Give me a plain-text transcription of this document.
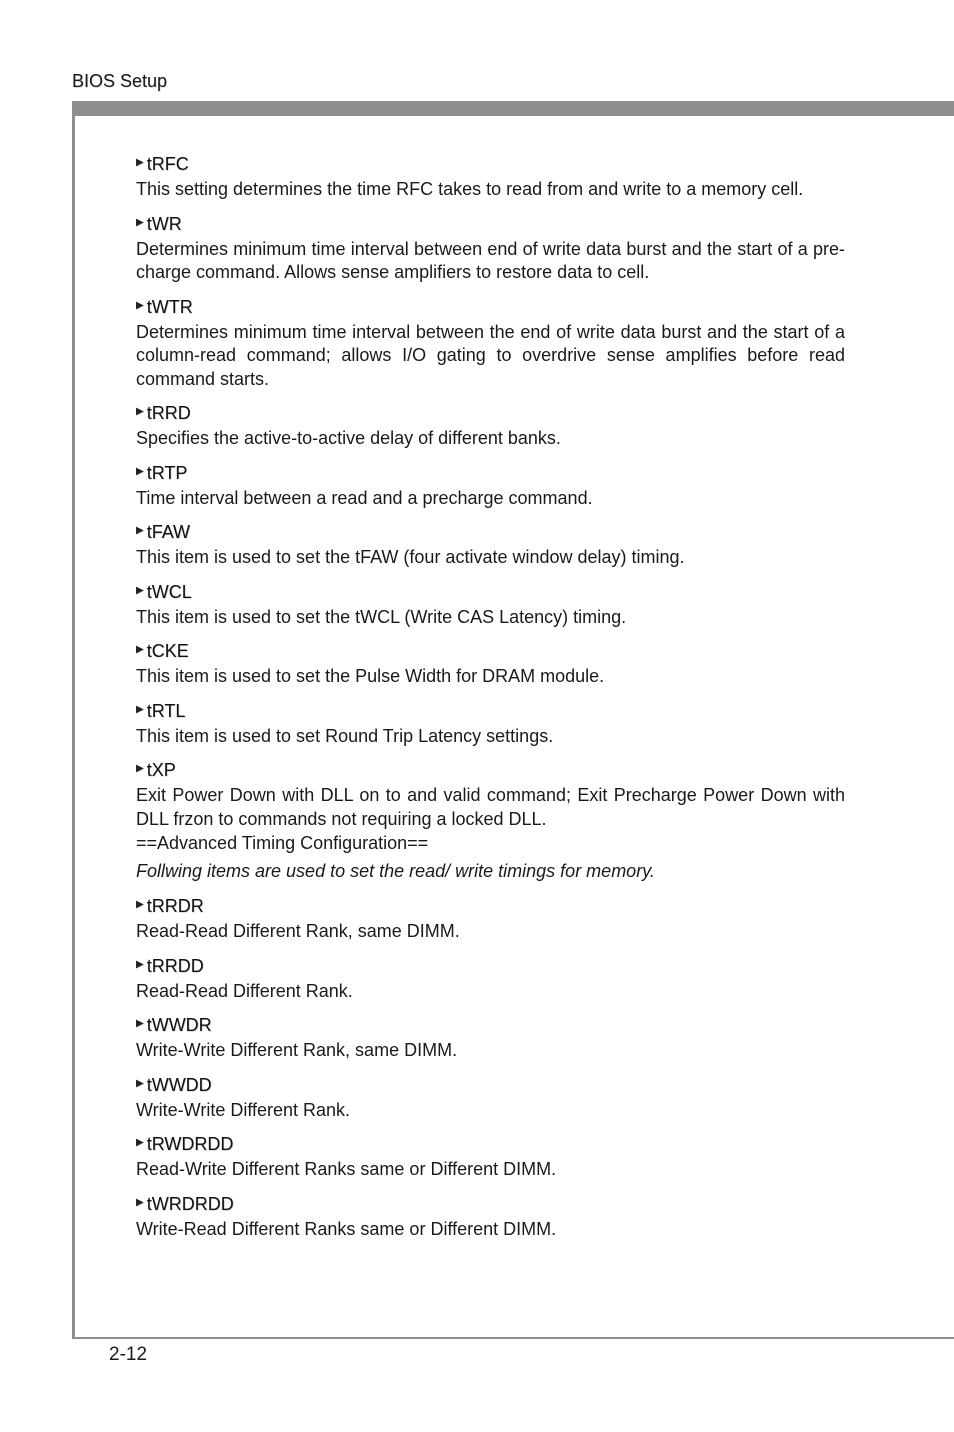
BIOS Setup
▶ tRFC
This setting determines the time RFC takes to read from and write to a memory cell.
▶ tWR
Determines minimum time interval between end of write data burst and the start of a pre-charge command. Allows sense amplifiers to restore data to cell.
▶ tWTR
Determines minimum time interval between the end of write data burst and the start of a column-read command; allows I/O gating to overdrive sense amplifies before read command starts.
▶ tRRD
Specifies the active-to-active delay of different banks.
▶ tRTP
Time interval between a read and a precharge command.
▶ tFAW
This item is used to set the tFAW (four activate window delay) timing.
▶ tWCL
This item is used to set the tWCL (Write CAS Latency) timing.
▶ tCKE
This item is used to set the Pulse Width for DRAM module.
▶ tRTL
This item is used to set Round Trip Latency settings.
▶ tXP
Exit Power Down with DLL on to and valid command; Exit Precharge Power Down with DLL frzon to commands not requiring a locked DLL.
==Advanced Timing Configuration==
Follwing items are used to set the read/ write timings for memory.
▶ tRRDR
Read-Read Different Rank, same DIMM.
▶ tRRDD
Read-Read Different Rank.
▶ tWWDR
Write-Write Different Rank, same DIMM.
▶ tWWDD
Write-Write Different Rank.
▶ tRWDRDD
Read-Write Different Ranks same or Different DIMM.
▶ tWRDRDD
Write-Read Different Ranks same or Different DIMM.
2-12
